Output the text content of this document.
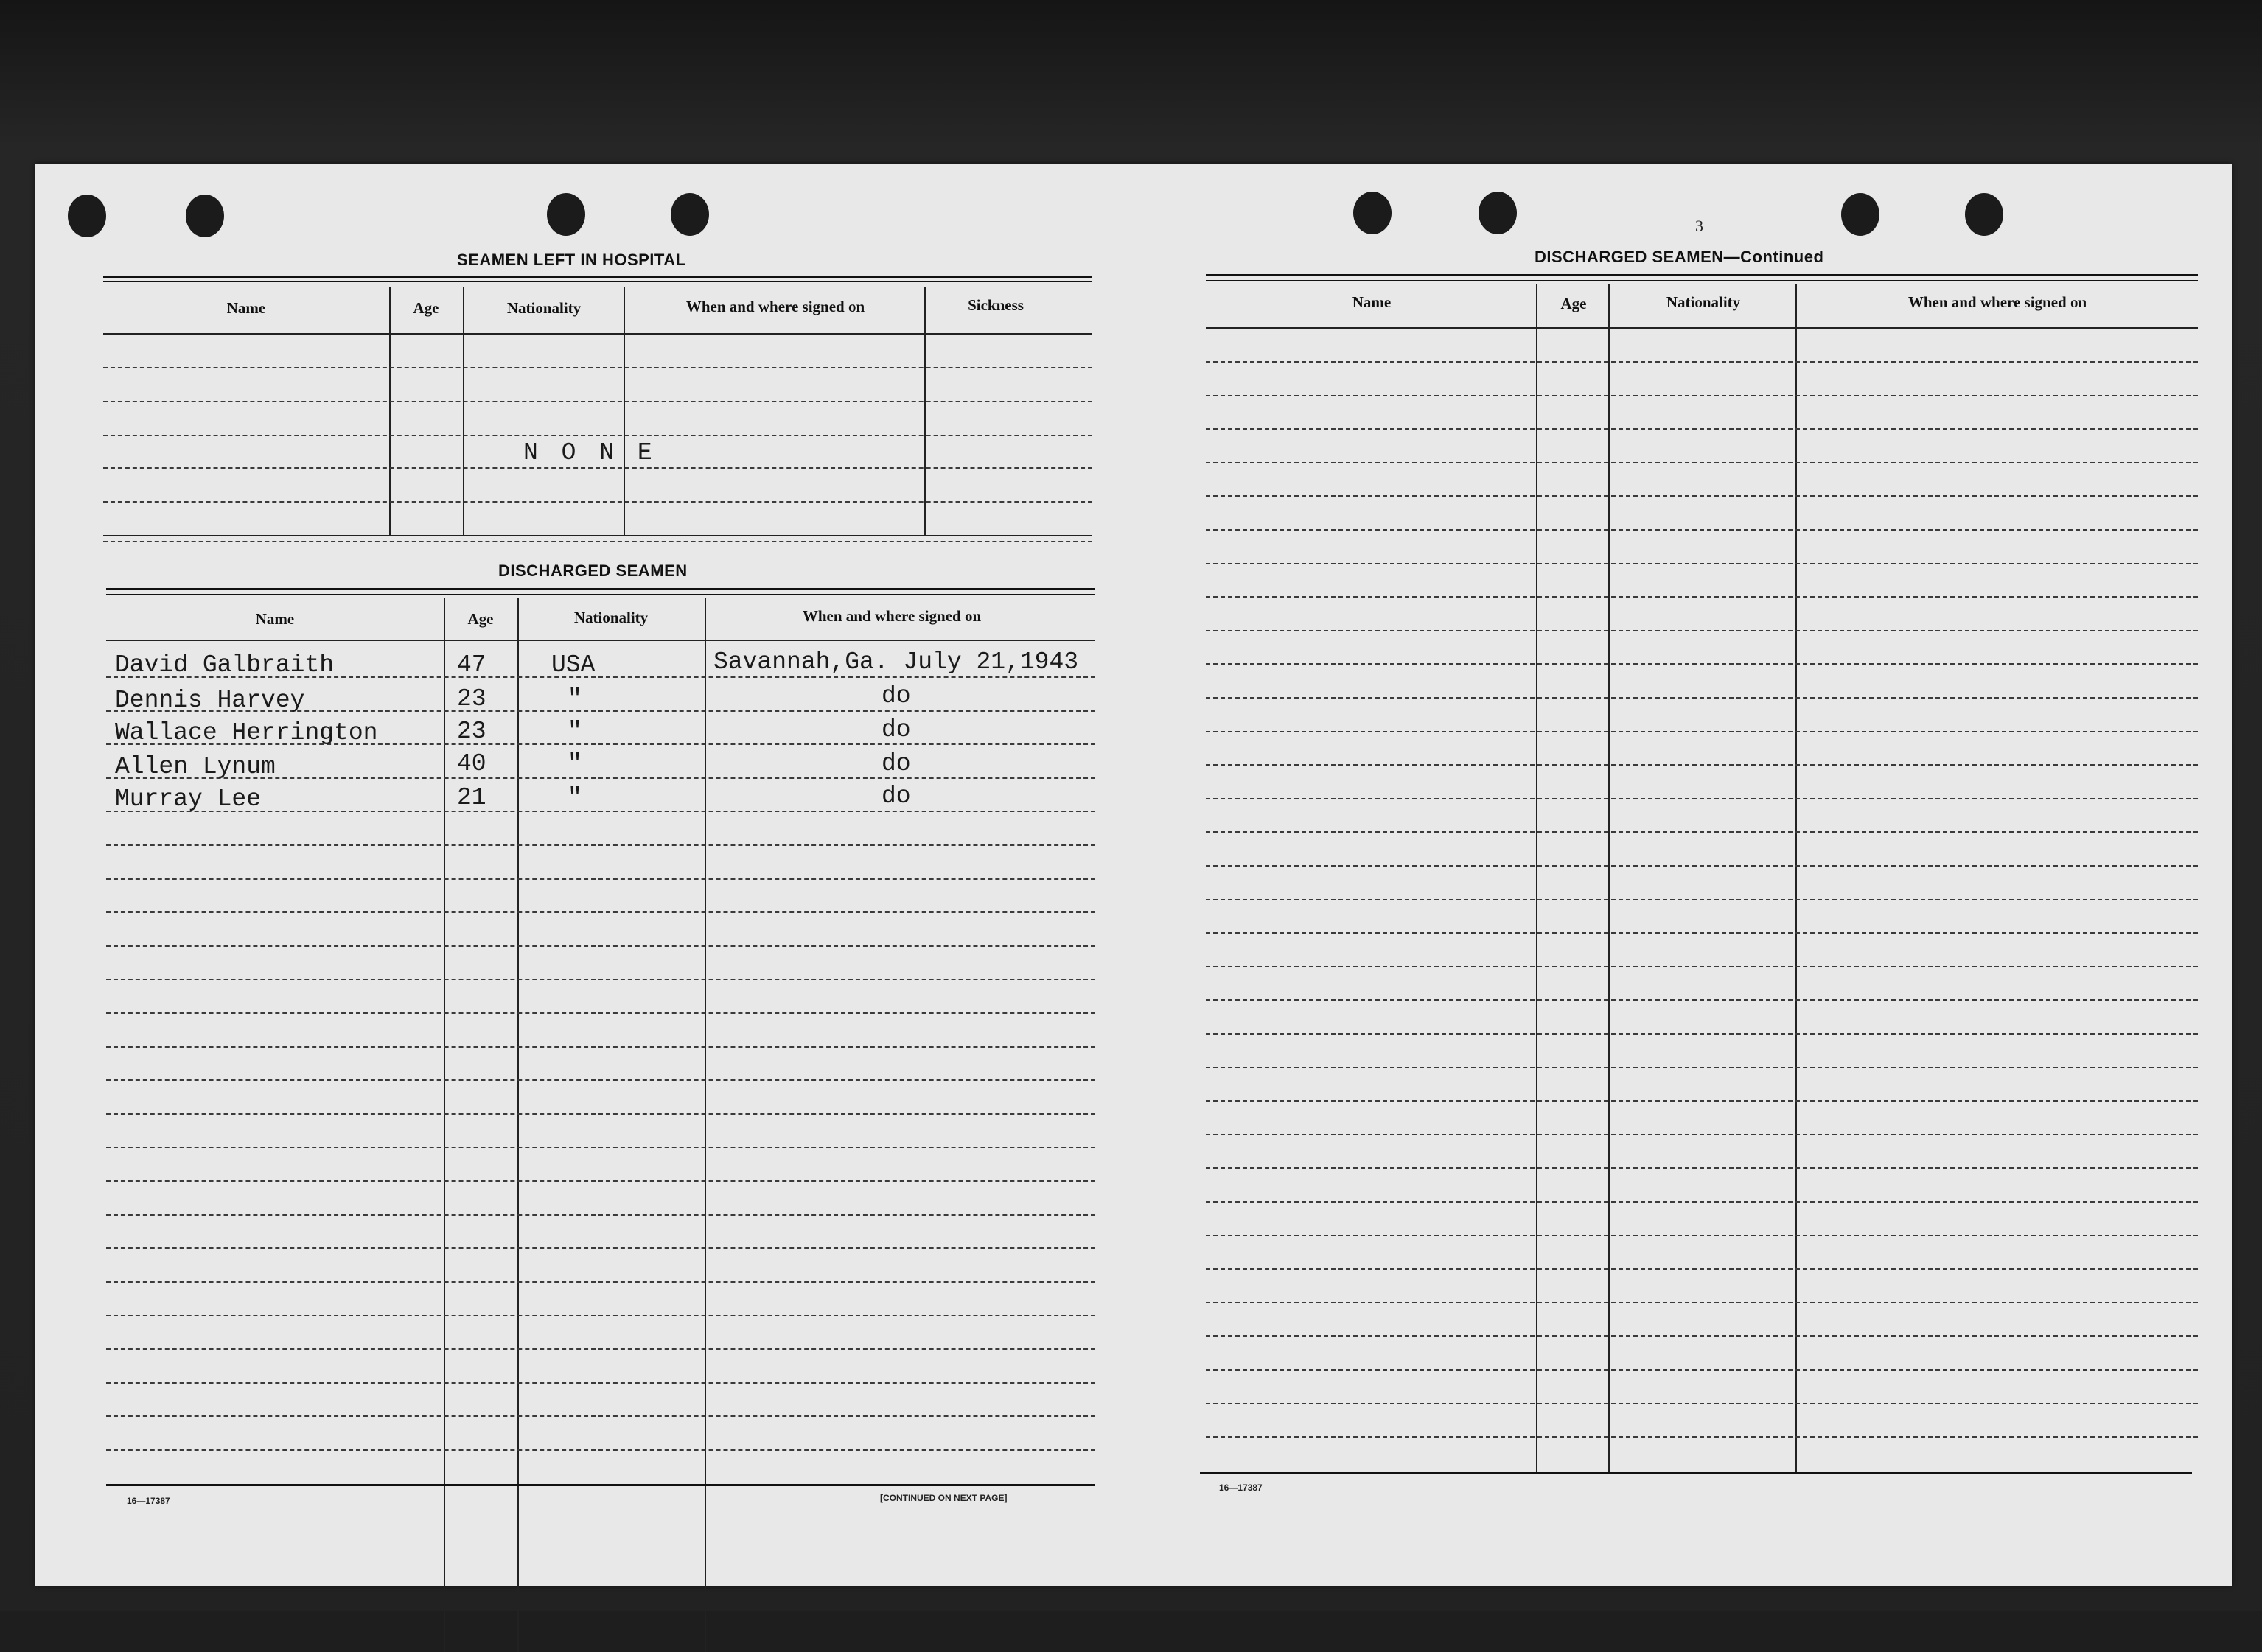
SEAMEN LEFT IN HOSPITAL
Name	Age	Nationality	When and where signed on	Sickness
N O N E
DISCHARGED SEAMEN
Name	Age	Nationality	When and where signed on
David Galbraith	47	USA	Savannah,Ga. July 21,1943
Dennis Harvey	23	"	do
Wallace Herrington	23	"	do
Allen Lynum	40	"	do
Murray Lee	21	"	do
16—17387	[CONTINUED ON NEXT PAGE]
3
DISCHARGED SEAMEN—Continued
Name	Age	Nationality	When and where signed on
16—17387
